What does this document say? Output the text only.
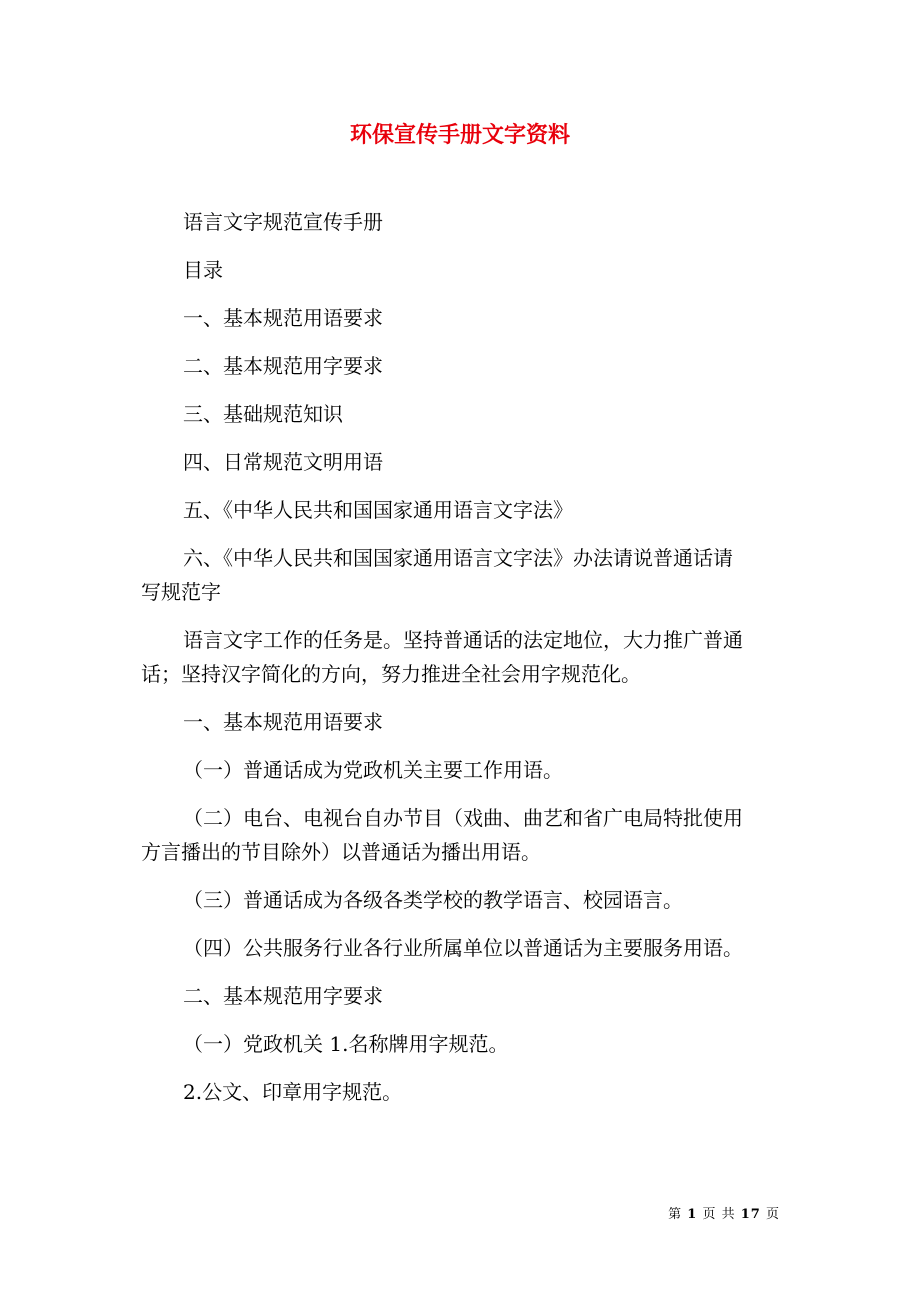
环保宣传手册文字资料

语言文字规范宣传手册

目录

一、基本规范用语要求

二、基本规范用字要求

三、基础规范知识

四、日常规范文明用语

五、《中华人民共和国国家通用语言文字法》

六、《中华人民共和国国家通用语言文字法》办法请说普通话请
写规范字

语言文字工作的任务是。坚持普通话的法定地位，大力推广普通
话；坚持汉字简化的方向，努力推进全社会用字规范化。

一、基本规范用语要求

（一）普通话成为党政机关主要工作用语。

（二）电台、电视台自办节目（戏曲、曲艺和省广电局特批使用
方言播出的节目除外）以普通话为播出用语。

（三）普通话成为各级各类学校的教学语言、校园语言。

（四）公共服务行业各行业所属单位以普通话为主要服务用语。

二、基本规范用字要求

（一）党政机关 1.名称牌用字规范。

2.公文、印章用字规范。

第 1 页 共 17 页
